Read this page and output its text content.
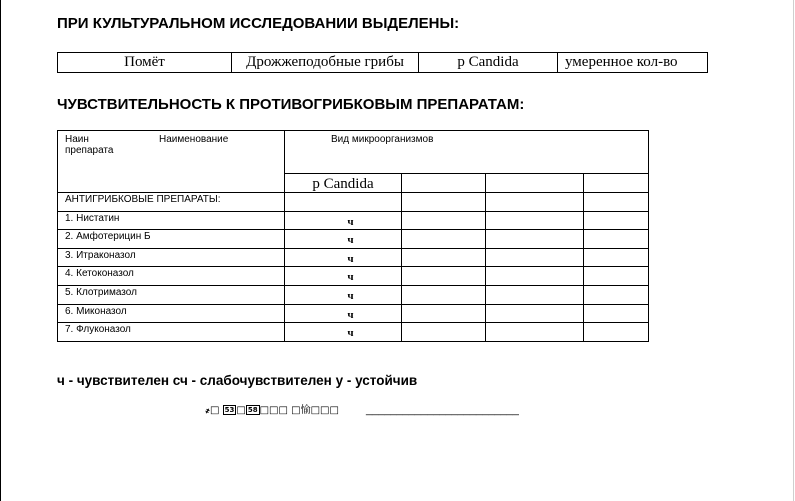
ПРИ КУЛЬТУРАЛЬНОМ ИССЛЕДОВАНИИ ВЫДЕЛЕНЫ:
Помёт	Дрожжеподобные грибы	p Candida	умеренное кол-во
ЧУВСТВИТЕЛЬНОСТЬ К ПРОТИВОГРИБКОВЫМ ПРЕПАРАТАМ:
Наин Наименование
препарата	Вид микроорганизмов			
	p Candida			
АНТИГРИБКОВЫЕ ПРЕПАРАТЫ:				
1. Нистатин	ч			
2. Амфотерицин Б	ч			
3. Итраконазол	ч			
4. Кетоконазол	ч			
5. Клотримазол	ч			
6. Миконазол	ч			
7. Флуконазол	ч			
ч - чувствителен сч - слабочувствителен у - устойчив
҂□ 53 □ 58 □□□ □愉□□□ _________________________
